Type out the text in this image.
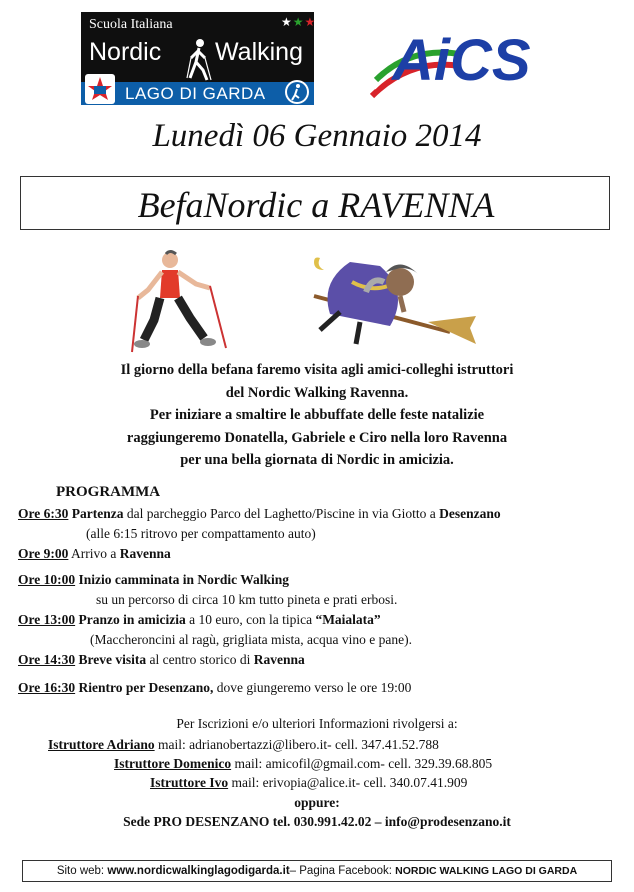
Scuola Italiana	★★★
Nordic Walking
LAGO DI GARDA
AiCS
Lunedì 06 Gennaio 2014
BefaNordic a RAVENNA
Il giorno della befana faremo visita agli amici-colleghi istruttori
del Nordic Walking Ravenna.
Per iniziare a smaltire le abbuffate delle feste natalizie
raggiungeremo Donatella, Gabriele e Ciro nella loro Ravenna
per una bella giornata di Nordic in amicizia.
PROGRAMMA
Ore 6:30 Partenza dal parcheggio Parco del Laghetto/Piscine in via Giotto a Desenzano
(alle 6:15 ritrovo per compattamento auto)
Ore 9:00 Arrivo a Ravenna
Ore 10:00 Inizio camminata in Nordic Walking
su un percorso di circa 10 km tutto pineta e prati erbosi.
Ore 13:00 Pranzo in amicizia a 10 euro, con la tipica “Maialata”
(Maccheroncini al ragù, grigliata mista, acqua vino e pane).
Ore 14:30 Breve visita al centro storico di Ravenna
Ore 16:30 Rientro per Desenzano, dove giungeremo verso le ore 19:00
Per Iscrizioni e/o ulteriori Informazioni rivolgersi a:
Istruttore Adriano mail: adrianobertazzi@libero.it- cell. 347.41.52.788
Istruttore Domenico mail: amicofil@gmail.com- cell. 329.39.68.805
Istruttore Ivo mail: erivopia@alice.it- cell. 340.07.41.909
oppure:
Sede PRO DESENZANO tel. 030.991.42.02 – info@prodesenzano.it
Sito web: www.nordicwalkinglagodigarda.it– Pagina Facebook: NORDIC WALKING LAGO DI GARDA
